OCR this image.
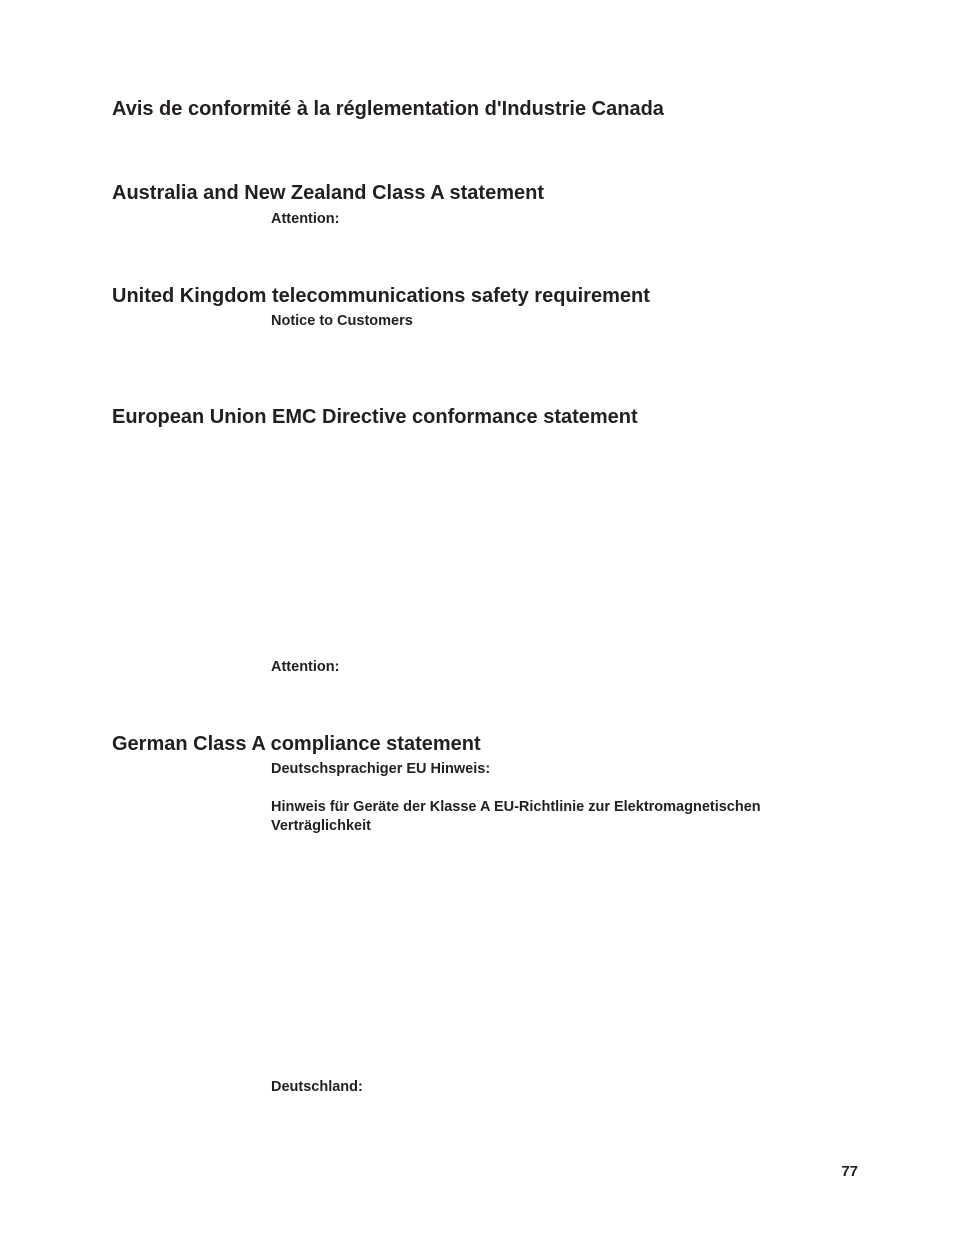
Avis de conformité à la réglementation d'Industrie Canada
Australia and New Zealand Class A statement
Attention:
United Kingdom telecommunications safety requirement
Notice to Customers
European Union EMC Directive conformance statement
Attention:
German Class A compliance statement
Deutschsprachiger EU Hinweis:
Hinweis für Geräte der Klasse A EU-Richtlinie zur Elektromagnetischen Verträglichkeit
Deutschland:
77
